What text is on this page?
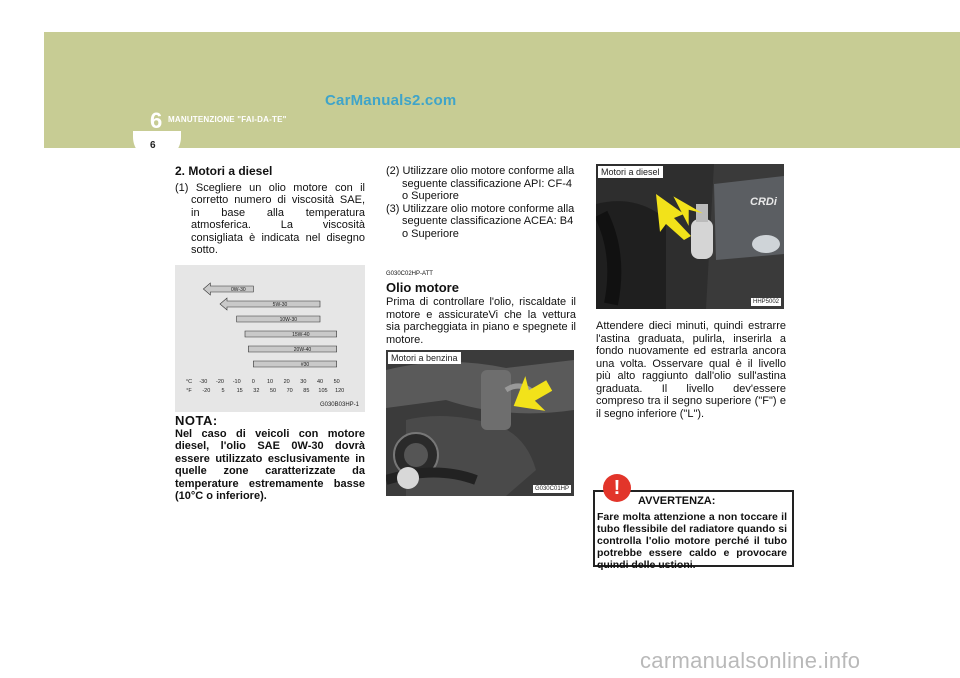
6 MANUTENZIONE "FAI-DA-TE"
6
CarManuals2.com
2. Motori a diesel
(1) Scegliere un olio motore con il corretto numero di viscosità SAE, in base alla temperatura atmosferica. La viscosità consigliata è indicata nel disegno sotto.
0W-30
5W-30
10W-30
15W-40
20W-40
#30
°C -30 -20 -10 0 10 20 30 40 50
°F -20 5 15 32 50 70 85 105 120
G030B03HP-1
NOTA:
Nel caso di veicoli con motore diesel, l'olio SAE 0W-30 dovrà essere utilizzato esclusivamente in quelle zone caratterizzate da temperature estremamente basse (10°C o inferiore).
(2) Utilizzare olio motore conforme alla seguente classificazione API: CF-4 o Superiore
(3) Utilizzare olio motore conforme alla seguente classificazione ACEA: B4 o Superiore
G030C02HP-ATT
Olio motore
Prima di controllare l'olio, riscaldate il motore e assicurateVi che la vettura sia parcheggiata in piano e spegnete il motore.
Motori a benzina
G030C01HP
Motori a diesel
CRDi
HHP5002
Attendere dieci minuti, quindi estrarre l'astina graduata, pulirla, inserirla a fondo nuovamente ed estrarla ancora una volta. Osservare qual è il livello più alto raggiunto dall'olio sull'astina graduata. Il livello dev'essere compreso tra il segno superiore ("F") e il segno inferiore ("L").
!
AVVERTENZA:
Fare molta attenzione a non toccare il tubo flessibile del radiatore quando si controlla l'olio motore perché il tubo potrebbe essere caldo e provocare quindi delle ustioni.
carmanualsonline.info
